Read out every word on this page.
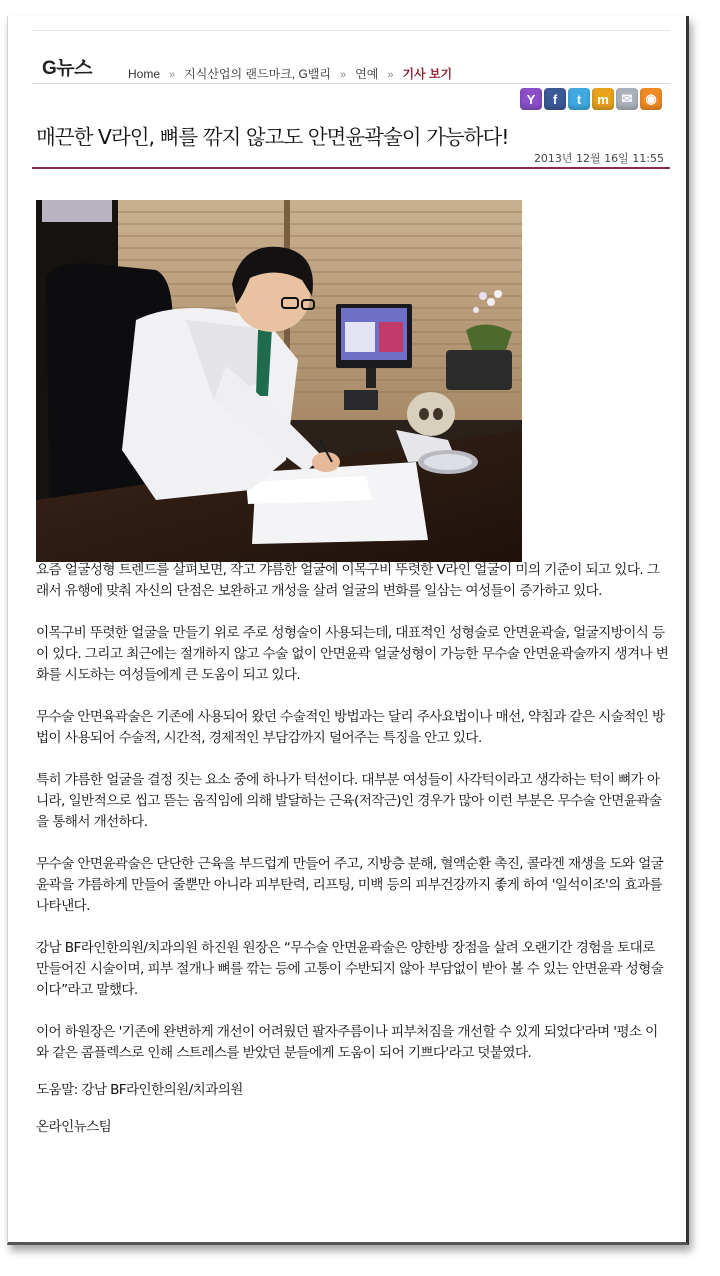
G뉴스	Home » 지식산업의 랜드마크, G밸리 » 연예 » 기사 보기
Y	f	t	m ✉ ◉
매끈한 V라인, 뼈를 깎지 않고도 안면윤곽술이 가능하다!
2013년 12월 16일 11:55

요즘 얼굴성형 트렌드를 살펴보면, 작고 갸름한 얼굴에 이목구비 뚜렷한 V라인 얼굴이 미의 기준이 되고 있다. 그래서 유행에 맞춰 자신의 단점은 보완하고 개성을 살려 얼굴의 변화를 일삼는 여성들이 증가하고 있다.

이목구비 뚜렷한 얼굴을 만들기 위로 주로 성형술이 사용되는데, 대표적인 성형술로 안면윤곽술, 얼굴지방이식 등이 있다. 그리고 최근에는 절개하지 않고 수술 없이 안면윤곽 얼굴성형이 가능한 무수술 안면윤곽술까지 생겨나 변화를 시도하는 여성들에게 큰 도움이 되고 있다.

무수술 안면육곽술은 기존에 사용되어 왔던 수술적인 방법과는 달리 주사요법이나 매선, 약침과 같은 시술적인 방법이 사용되어 수술적, 시간적, 경제적인 부담감까지 덜어주는 특징을 안고 있다.

특히 갸름한 얼굴을 결정 짓는 요소 중에 하나가 턱선이다. 대부분 여성들이 사각턱이라고 생각하는 턱이 뼈가 아니라, 일반적으로 씹고 뜯는 움직임에 의해 발달하는 근육(저작근)인 경우가 많아 이런 부분은 무수술 안면윤곽술을 통해서 개선하다.

무수술 안면윤곽술은 단단한 근육을 부드럽게 만들어 주고, 지방층 분해, 혈액순환 촉진, 콜라겐 재생을 도와 얼굴 윤곽을 갸름하게 만들어 줄뿐만 아니라 피부탄력, 리프팅, 미백 등의 피부건강까지 좋게 하여 '일석이조'의 효과를 나타낸다.

강남 BF라인한의원/치과의원 하진원 원장은 “무수술 안면윤곽술은 양한방 장점을 살려 오랜기간 경험을 토대로 만들어진 시술이며, 피부 절개나 뼈를 깎는 등에 고통이 수반되지 않아 부담없이 받아 볼 수 있는 안면윤곽 성형술이다”라고 말했다.

이어 하원장은 '기존에 완변하게 개선이 어려웠던 팔자주름이나 피부처짐을 개선할 수 있게 되었다'라며 '평소 이와 같은 콤플렉스로 인해 스트레스를 받았던 분들에게 도움이 되어 기쁘다'라고 덧붙였다.

도움말: 강남 BF라인한의원/치과의원

온라인뉴스팀
